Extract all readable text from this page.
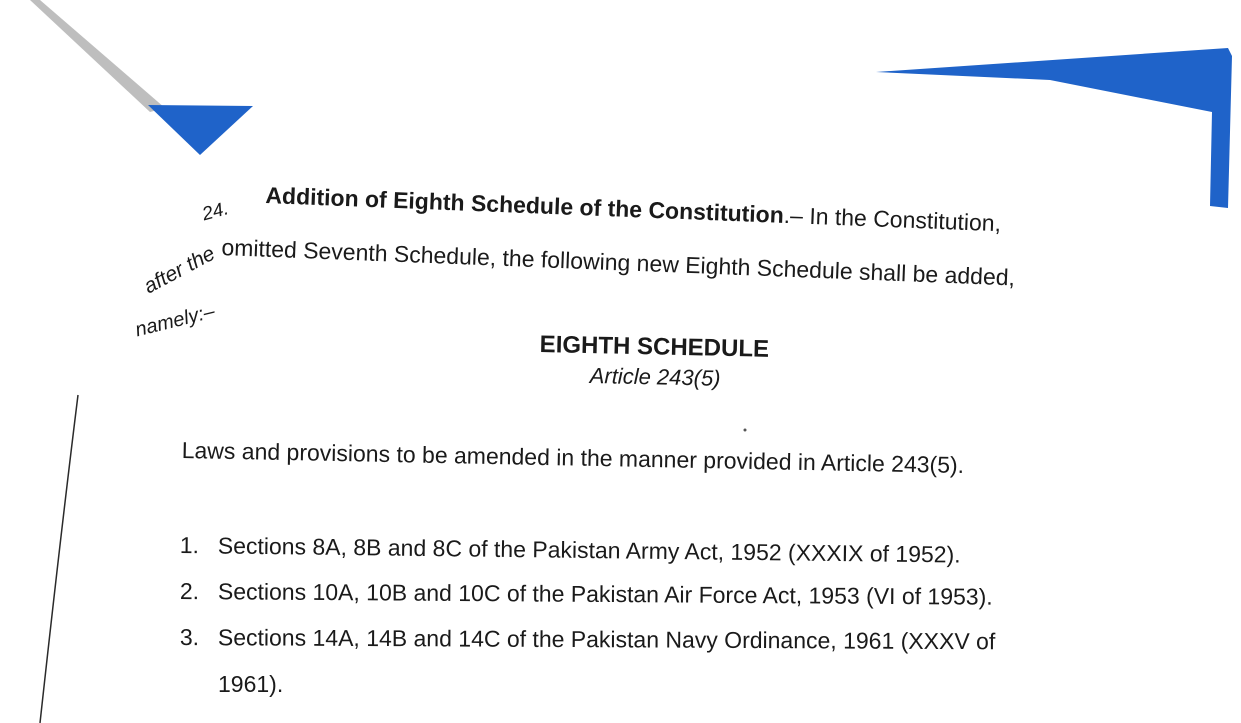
24. Addition of Eighth Schedule of the Constitution.– In the Constitution,
after the omitted Seventh Schedule, the following new Eighth Schedule shall be added,
namely:–
EIGHTH SCHEDULE
Article 243(5)
Laws and provisions to be amended in the manner provided in Article 243(5).
1. Sections 8A, 8B and 8C of the Pakistan Army Act, 1952 (XXXIX of 1952).
2. Sections 10A, 10B and 10C of the Pakistan Air Force Act, 1953 (VI of 1953).
3. Sections 14A, 14B and 14C of the Pakistan Navy Ordinance, 1961 (XXXV of
1961).
